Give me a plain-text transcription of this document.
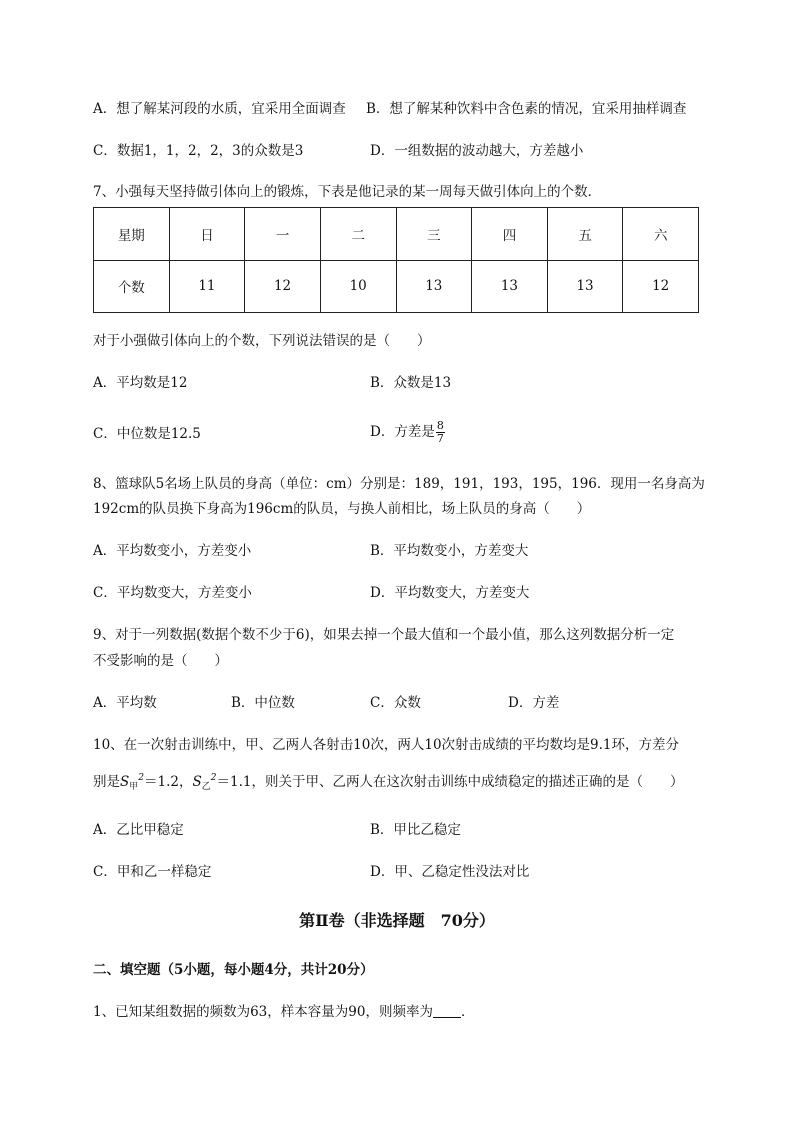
A．想了解某河段的水质，宜采用全面调查 B．想了解某种饮料中含色素的情况，宜采用抽样调查
C．数据1，1，2，2，3的众数是3	D．一组数据的波动越大，方差越小
7、小强每天坚持做引体向上的锻炼，下表是他记录的某一周每天做引体向上的个数．
星期	日	一	二	三	四	五	六
个数	11	12	10	13	13	13	12
对于小强做引体向上的个数，下列说法错误的是（　　）
A．平均数是12	B．众数是13
C．中位数是12.5	D．方差是 $\frac{8}{7}$
8、篮球队5名场上队员的身高（单位：cm）分别是：189，191，193，195，196．现用一名身高为
192cm的队员换下身高为196cm的队员，与换人前相比，场上队员的身高（　　）
A．平均数变小，方差变小	B．平均数变小，方差变大
C．平均数变大，方差变小	D．平均数变大，方差变大
9、对于一列数据(数据个数不少于6)，如果去掉一个最大值和一个最小值，那么这列数据分析一定
不受影响的是（　　）
A．平均数	B．中位数	C．众数	D．方差
10、在一次射击训练中，甲、乙两人各射击10次，两人10次射击成绩的平均数均是9.1环，方差分
别是$S_甲^2=1.2$，$S_乙^2=1.1$，则关于甲、乙两人在这次射击训练中成绩稳定的描述正确的是（　　）
A．乙比甲稳定	B．甲比乙稳定
C．甲和乙一样稳定	D．甲、乙稳定性没法对比
第Ⅱ卷（非选择题　70分）
二、填空题（5小题，每小题4分，共计20分）
1、已知某组数据的频数为63，样本容量为90，则频率为 ．
